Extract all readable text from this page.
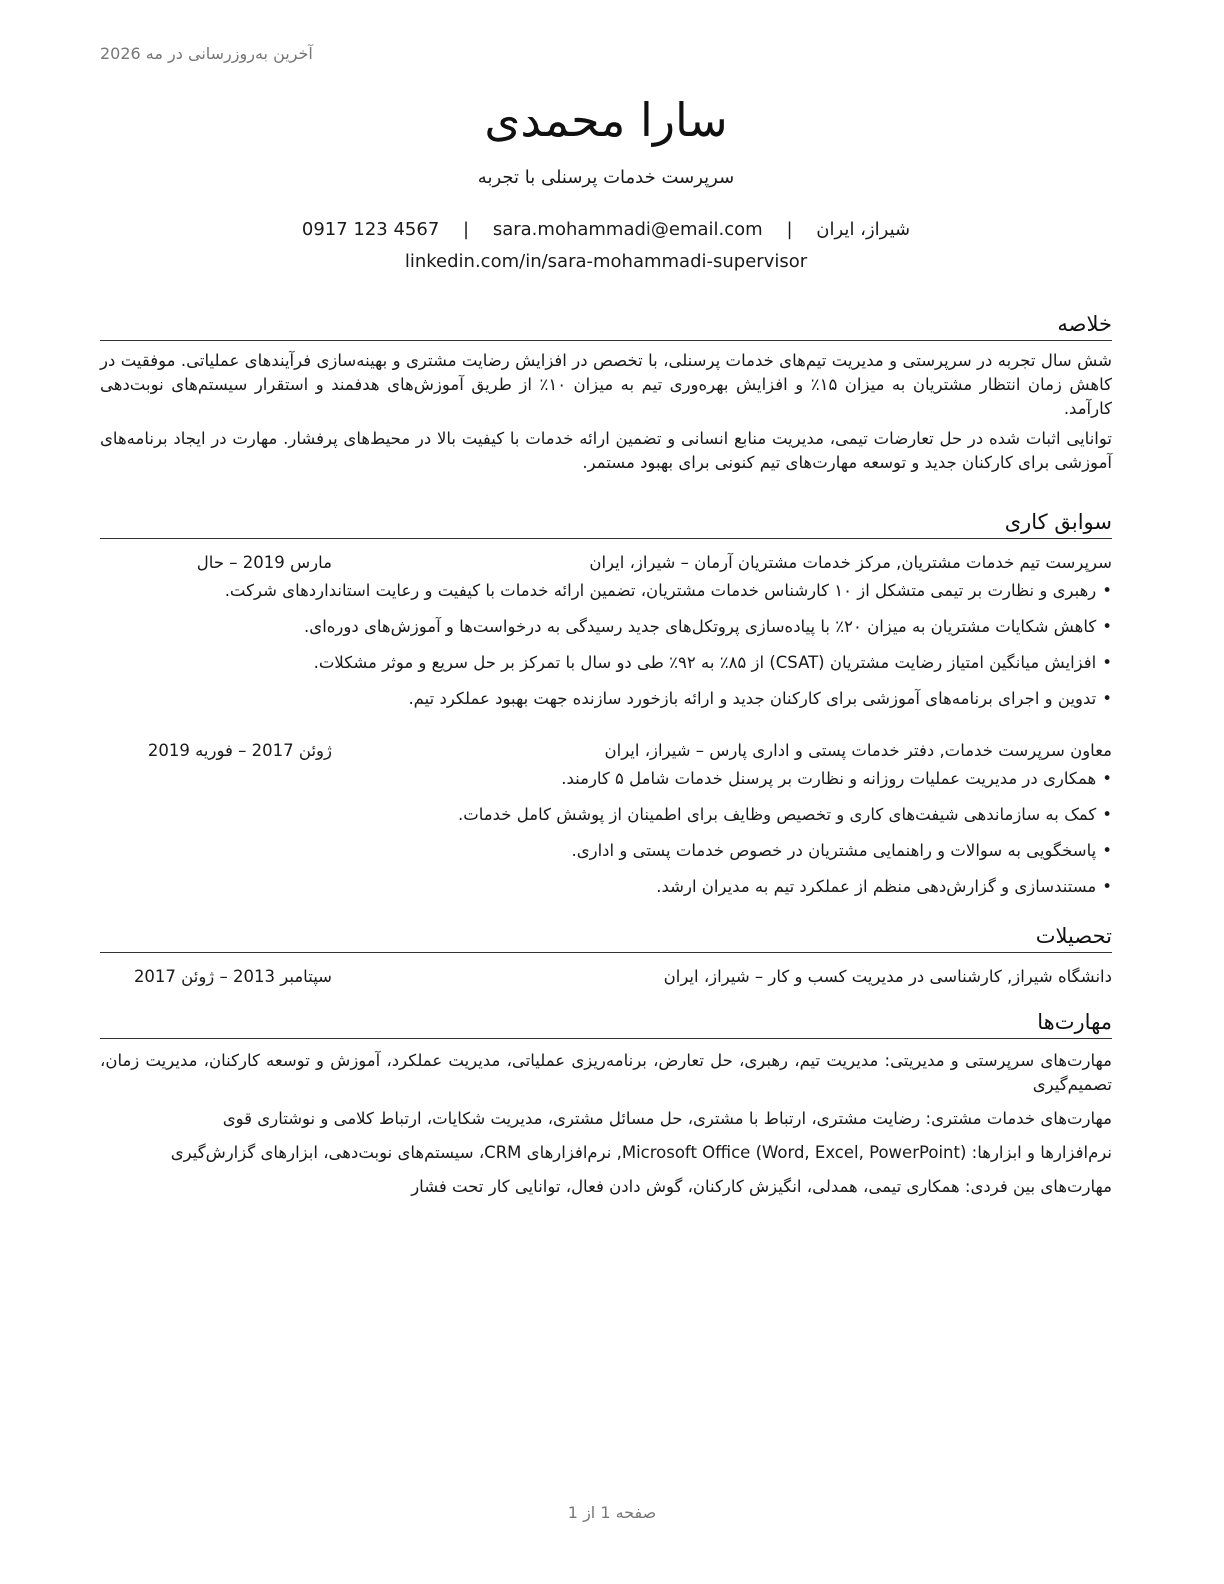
آخرین به‌روزرسانی در مه 2026
سارا محمدی
سرپرست خدمات پرسنلی با تجربه
شیراز، ایران | sara.mohammadi@email.com | 0917 123 4567
linkedin.com/in/sara-mohammadi-supervisor
خلاصه

شش سال تجربه در سرپرستی و مدیریت تیم‌های خدمات پرسنلی، با تخصص در افزایش رضایت مشتری و بهینه‌سازی فرآیندهای عملیاتی. موفقیت در کاهش زمان انتظار مشتریان به میزان ۱۵٪ و افزایش بهره‌وری تیم به میزان ۱۰٪ از طریق آموزش‌های هدفمند و استقرار سیستم‌های نوبت‌دهی کارآمد.

توانایی اثبات شده در حل تعارضات تیمی، مدیریت منابع انسانی و تضمین ارائه خدمات با کیفیت بالا در محیط‌های پرفشار. مهارت در ایجاد برنامه‌های آموزشی برای کارکنان جدید و توسعه مهارت‌های تیم کنونی برای بهبود مستمر.

سوابق کاری
سرپرست تیم خدمات مشتریان, مرکز خدمات مشتریان آرمان – شیراز، ایران
مارس 2019 – حال
•رهبری و نظارت بر تیمی متشکل از ۱۰ کارشناس خدمات مشتریان، تضمین ارائه خدمات با کیفیت و رعایت استانداردهای شرکت.
•کاهش شکایات مشتریان به میزان ۲۰٪ با پیاده‌سازی پروتکل‌های جدید رسیدگی به درخواست‌ها و آموزش‌های دوره‌ای.
•افزایش میانگین امتیاز رضایت مشتریان (CSAT) از ۸۵٪ به ۹۲٪ طی دو سال با تمرکز بر حل سریع و موثر مشکلات.
•تدوین و اجرای برنامه‌های آموزشی برای کارکنان جدید و ارائه بازخورد سازنده جهت بهبود عملکرد تیم.
معاون سرپرست خدمات, دفتر خدمات پستی و اداری پارس – شیراز، ایران
ژوئن 2017 – فوریه 2019
•همکاری در مدیریت عملیات روزانه و نظارت بر پرسنل خدمات شامل ۵ کارمند.
•کمک به سازماندهی شیفت‌های کاری و تخصیص وظایف برای اطمینان از پوشش کامل خدمات.
•پاسخگویی به سوالات و راهنمایی مشتریان در خصوص خدمات پستی و اداری.
•مستندسازی و گزارش‌دهی منظم از عملکرد تیم به مدیران ارشد.
تحصیلات
دانشگاه شیراز, کارشناسی در مدیریت کسب و کار – شیراز، ایران
سپتامبر 2013 – ژوئن 2017
مهارت‌ها

مهارت‌های سرپرستی و مدیریتی: مدیریت تیم، رهبری، حل تعارض، برنامه‌ریزی عملیاتی، مدیریت عملکرد، آموزش و توسعه کارکنان، مدیریت زمان، تصمیم‌گیری

مهارت‌های خدمات مشتری: رضایت مشتری، ارتباط با مشتری، حل مسائل مشتری، مدیریت شکایات، ارتباط کلامی و نوشتاری قوی

نرم‌افزارها و ابزارها: Microsoft Office (Word, Excel, PowerPoint), نرم‌افزارهای CRM، سیستم‌های نوبت‌دهی، ابزارهای گزارش‌گیری

مهارت‌های بین فردی: همکاری تیمی، همدلی، انگیزش کارکنان، گوش دادن فعال، توانایی کار تحت فشار

صفحه 1 از 1
